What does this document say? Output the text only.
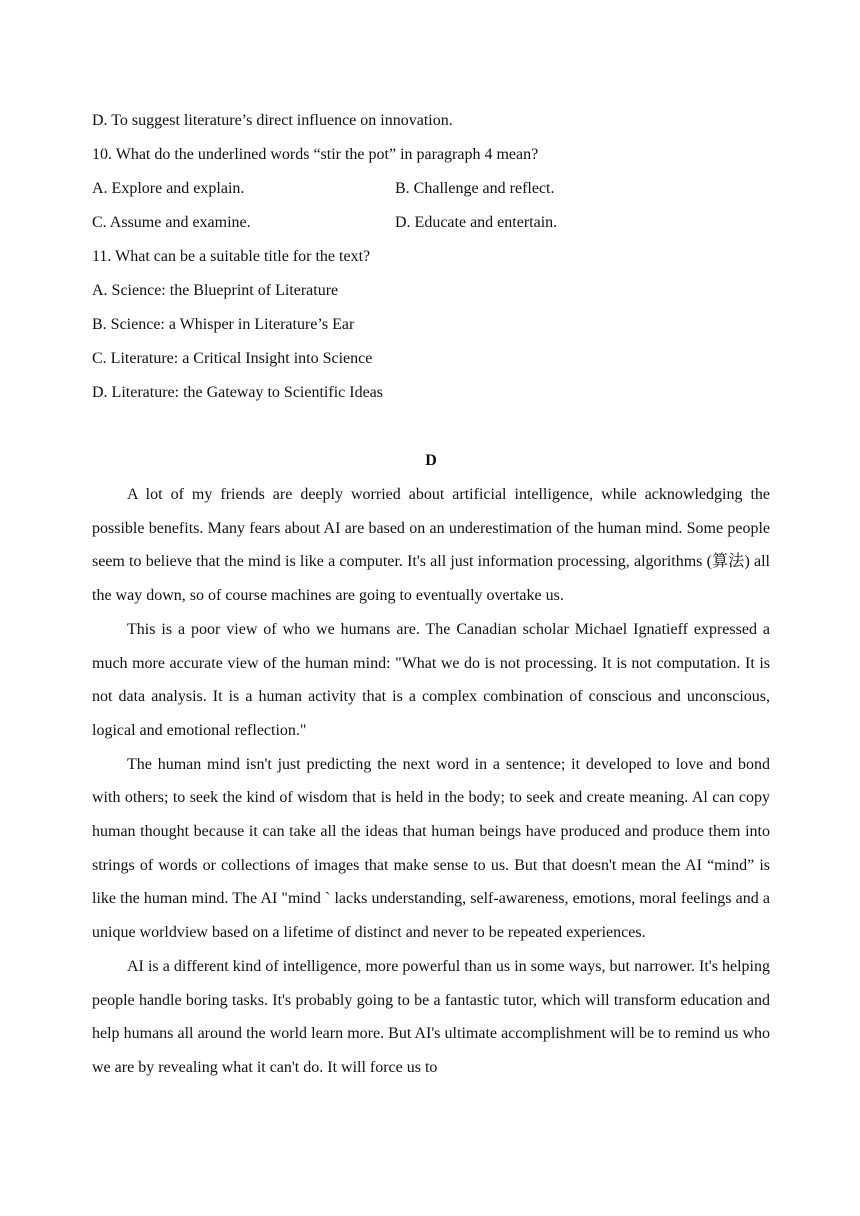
D. To suggest literature’s direct influence on innovation.
10. What do the underlined words “stir the pot” in paragraph 4 mean?
A. Explore and explain.	B. Challenge and reflect.
C. Assume and examine.	D. Educate and entertain.
11. What can be a suitable title for the text?
A. Science: the Blueprint of Literature
B. Science: a Whisper in Literature’s Ear
C. Literature: a Critical Insight into Science
D. Literature: the Gateway to Scientific Ideas
D

A lot of my friends are deeply worried about artificial intelligence, while acknowledging the possible benefits. Many fears about AI are based on an underestimation of the human mind. Some people seem to believe that the mind is like a computer. It's all just information processing, algorithms (算法) all the way down, so of course machines are going to eventually overtake us.

This is a poor view of who we humans are. The Canadian scholar Michael Ignatieff expressed a much more accurate view of the human mind: "What we do is not processing. It is not computation. It is not data analysis. It is a human activity that is a complex combination of conscious and unconscious, logical and emotional reflection."

The human mind isn't just predicting the next word in a sentence; it developed to love and bond with others; to seek the kind of wisdom that is held in the body; to seek and create meaning. Al can copy human thought because it can take all the ideas that human beings have produced and produce them into strings of words or collections of images that make sense to us. But that doesn't mean the AI “mind” is like the human mind. The AI "mind ` lacks understanding, self-awareness, emotions, moral feelings and a unique worldview based on a lifetime of distinct and never to be repeated experiences.

AI is a different kind of intelligence, more powerful than us in some ways, but narrower. It's helping people handle boring tasks. It's probably going to be a fantastic tutor, which will transform education and help humans all around the world learn more. But AI's ultimate accomplishment will be to remind us who we are by revealing what it can't do. It will force us to
